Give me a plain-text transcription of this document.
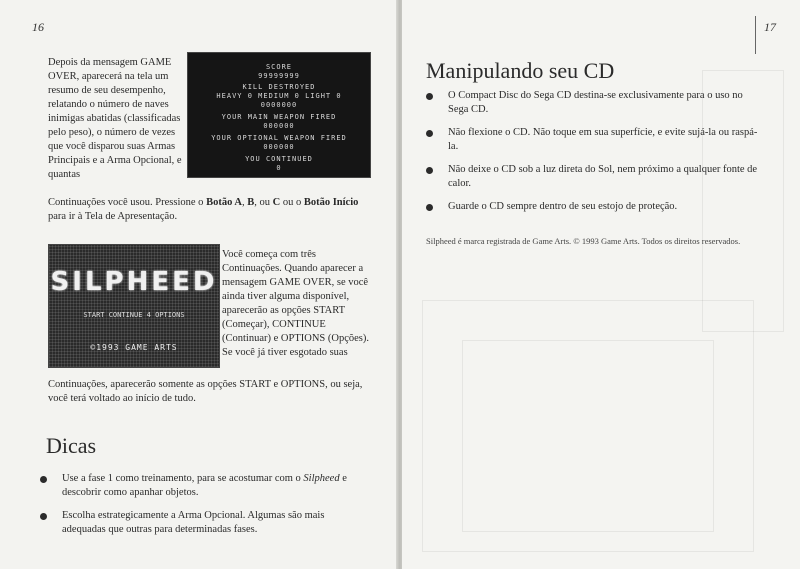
16

Depois da mensagem GAME OVER, aparecerá na tela um resumo de seu desempenho, relatando o número de naves inimigas abatidas (classificadas pelo peso), o número de vezes que você disparou suas Armas Principais e a Arma Opcional, e quantas

SCORE
99999999
KILL DESTROYED
HEAVY 0 MEDIUM 0 LIGHT 0
0000000
YOUR MAIN WEAPON FIRED
000000
YOUR OPTIONAL WEAPON FIRED
000000
YOU CONTINUED
0

Continuações você usou. Pressione o Botão A, B, ou C ou o Botão Início para ir à Tela de Apresentação.

SILPHEED
START CONTINUE 4 OPTIONS
©1993 GAME ARTS

Você começa com três Continuações. Quando aparecer a mensagem GAME OVER, se você ainda tiver alguma disponível, aparecerão as opções START (Começar), CONTINUE (Continuar) e OPTIONS (Opções). Se você já tiver esgotado suas

Continuações, aparecerão somente as opções START e OPTIONS, ou seja, você terá voltado ao início de tudo.

Dicas
Use a fase 1 como treinamento, para se acostumar com o Silpheed e descobrir como apanhar objetos.
Escolha estrategicamente a Arma Opcional. Algumas são mais adequadas que outras para determinadas fases.
17
Manipulando seu CD
O Compact Disc do Sega CD destina-se exclusivamente para o uso no Sega CD.
Não flexione o CD. Não toque em sua superfície, e evite sujá-la ou raspá-la.
Não deixe o CD sob a luz direta do Sol, nem próximo a qualquer fonte de calor.
Guarde o CD sempre dentro de seu estojo de proteção.

Silpheed é marca registrada de Game Arts. © 1993 Game Arts. Todos os direitos reservados.
